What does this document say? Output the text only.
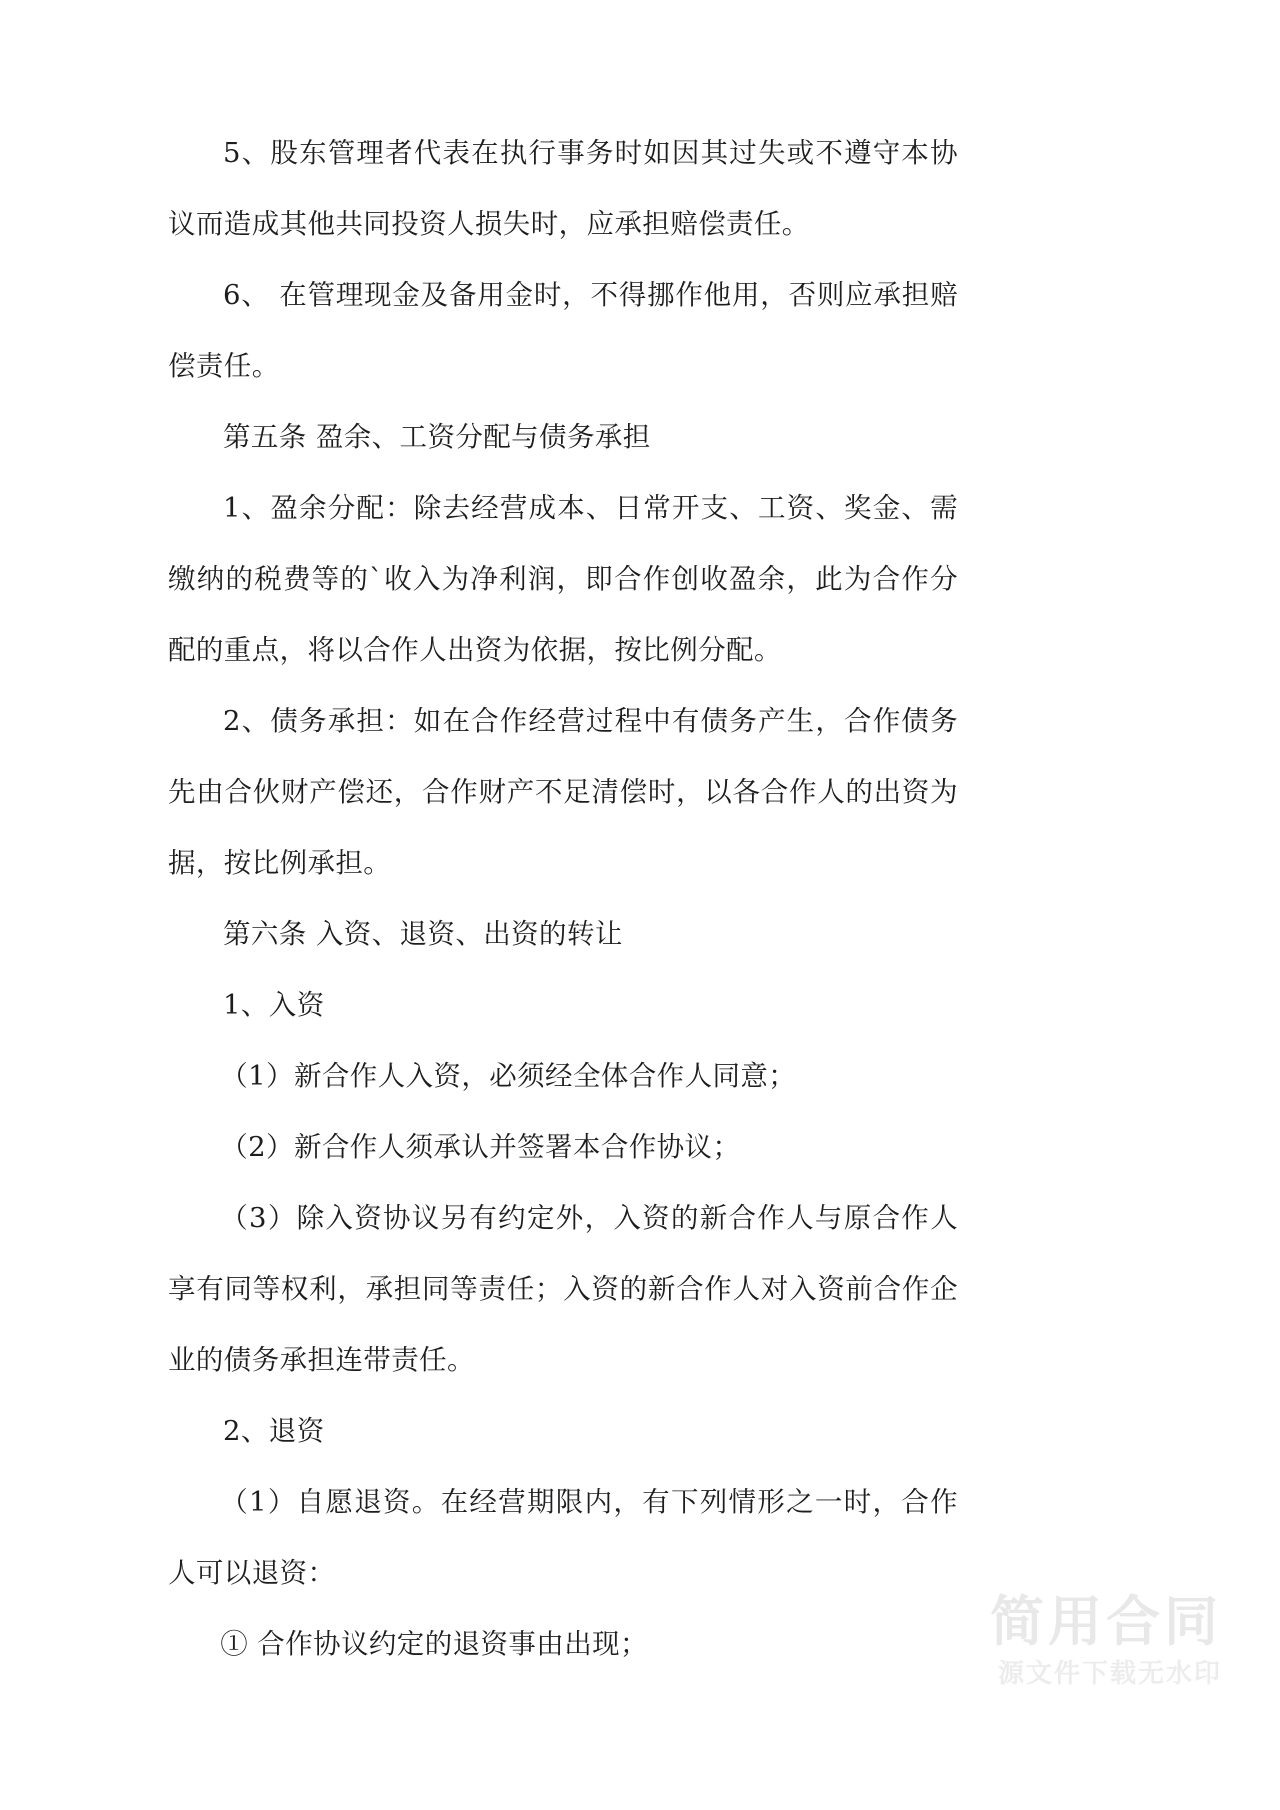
5、股东管理者代表在执行事务时如因其过失或不遵守本协议而造成其他共同投资人损失时，应承担赔偿责任。

6、 在管理现金及备用金时，不得挪作他用，否则应承担赔偿责任。

第五条 盈余、工资分配与债务承担

1、盈余分配：除去经营成本、日常开支、工资、奖金、需缴纳的税费等的`收入为净利润，即合作创收盈余，此为合作分配的重点，将以合作人出资为依据，按比例分配。

2、债务承担：如在合作经营过程中有债务产生，合作债务先由合伙财产偿还，合作财产不足清偿时，以各合作人的出资为据，按比例承担。

第六条 入资、退资、出资的转让

1、入资

（1）新合作人入资，必须经全体合作人同意；

（2）新合作人须承认并签署本合作协议；

（3）除入资协议另有约定外，入资的新合作人与原合作人享有同等权利，承担同等责任；入资的新合作人对入资前合作企业的债务承担连带责任。

2、退资

（1）自愿退资。在经营期限内，有下列情形之一时，合作人可以退资：

① 合作协议约定的退资事由出现；	简用合同
源文件下载无水印
